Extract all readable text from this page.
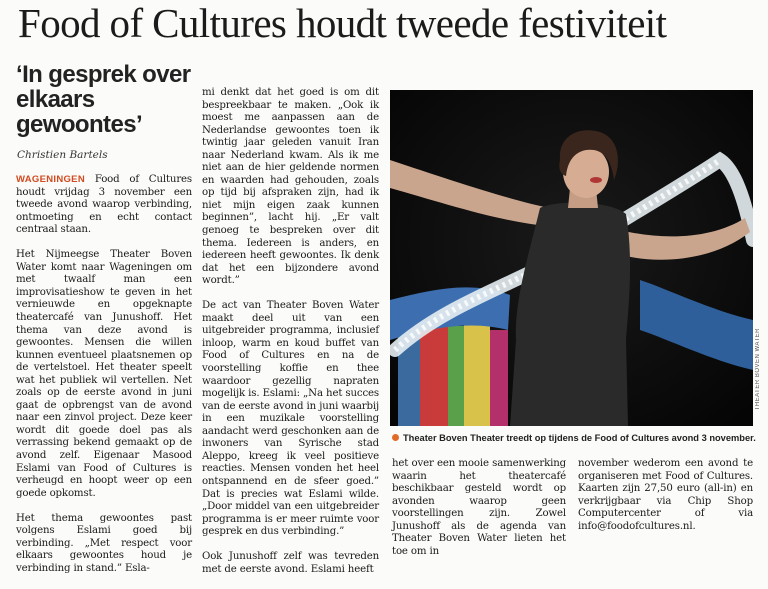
Food of Cultures houdt tweede festiviteit
‘In gesprek over elkaars gewoontes’
Christien Bartels

WAGENINGEN Food of Cultures houdt vrijdag 3 november een tweede avond waarop verbinding, ontmoeting en echt contact centraal staan.

Het Nijmeegse Theater Boven Water komt naar Wageningen om met twaalf man een improvisatieshow te geven in het vernieuwde en opgeknapte theatercafé van Junushoff. Het thema van deze avond is gewoontes. Mensen die willen kunnen eventueel plaatsnemen op de vertelstoel. Het theater speelt wat het publiek wil vertellen. Net zoals op de eerste avond in juni gaat de opbrengst van de avond naar een zinvol project. Deze keer wordt dit goede doel pas als verrassing bekend gemaakt op de avond zelf. Eigenaar Masood Eslami van Food of Cultures is verheugd en hoopt weer op een goede opkomst.

Het thema gewoontes past volgens Eslami goed bij verbinding. „Met respect voor elkaars gewoontes houd je verbinding in stand.” Esla-

mi denkt dat het goed is om dit bespreekbaar te maken. „Ook ik moest me aanpassen aan de Nederlandse gewoontes toen ik twintig jaar geleden vanuit Iran naar Nederland kwam. Als ik me niet aan de hier geldende normen en waarden had gehouden, zoals op tijd bij afspraken zijn, had ik niet mijn eigen zaak kunnen beginnen”, lacht hij. „Er valt genoeg te bespreken over dit thema. Iedereen is anders, en iedereen heeft gewoontes. Ik denk dat het een bijzondere avond wordt.”

De act van Theater Boven Water maakt deel uit van een uitgebreider programma, inclusief inloop, warm en koud buffet van Food of Cultures en na de voorstelling koffie en thee waardoor gezellig napraten mogelijk is. Eslami: „Na het succes van de eerste avond in juni waarbij in een muzikale voorstelling aandacht werd geschonken aan de inwoners van Syrische stad Aleppo, kreeg ik veel positieve reacties. Mensen vonden het heel ontspannend en de sfeer goed.” Dat is precies wat Eslami wilde. „Door middel van een uitgebreider programma is er meer ruimte voor gesprek en dus verbinding.”

Ook Junushoff zelf was tevreden met de eerste avond. Eslami heeft

THEATER BOVEN WATER
Theater Boven Theater treedt op tijdens de Food of Cultures avond 3 november.

het over een mooie samenwerking waarin het theatercafé beschikbaar gesteld wordt op avonden waarop geen voorstellingen zijn. Zowel Junushoff als de agenda van Theater Boven Water lieten het toe om in

november wederom een avond te organiseren met Food of Cultures. Kaarten zijn 27,50 euro (all-in) en verkrijgbaar via Chip Shop Computercenter of via info@foodofcultures.nl.
